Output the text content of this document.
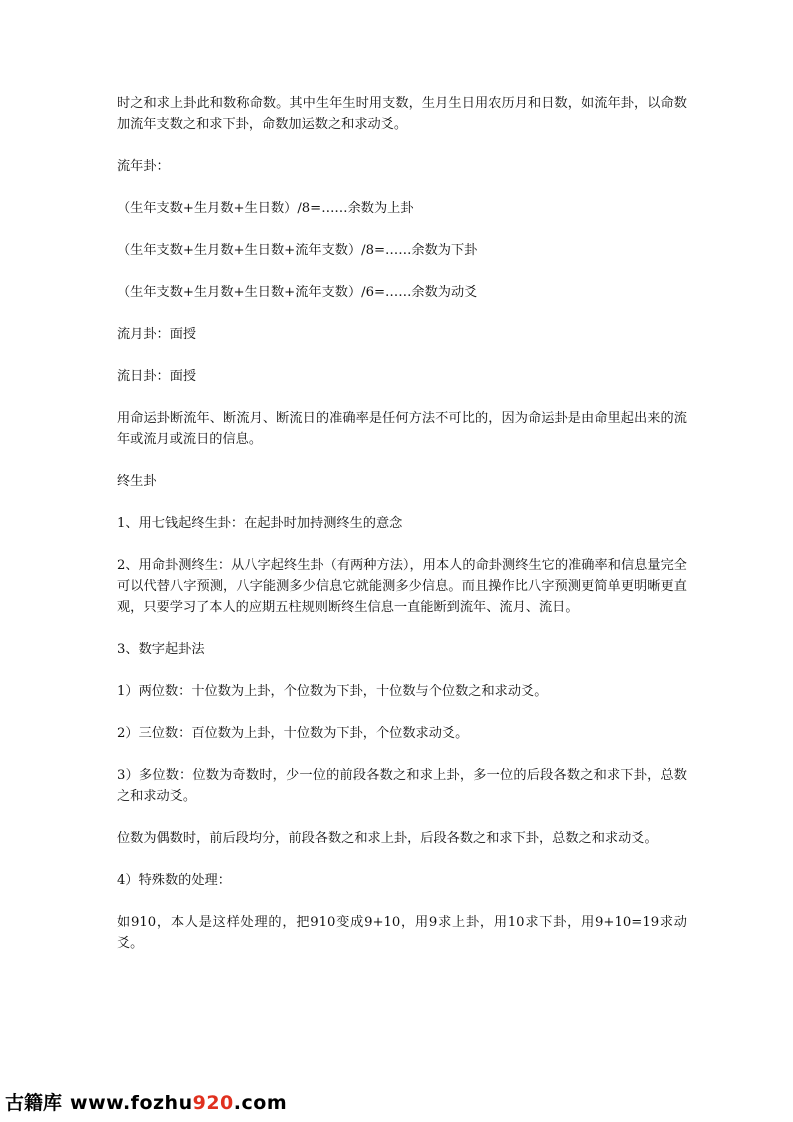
时之和求上卦此和数称命数。其中生年生时用支数，生月生日用农历月和日数，如流年卦，以命数加流年支数之和求下卦，命数加运数之和求动爻。

流年卦：

（生年支数+生月数+生日数）/8=……余数为上卦

（生年支数+生月数+生日数+流年支数）/8=……余数为下卦

（生年支数+生月数+生日数+流年支数）/6=……余数为动爻

流月卦：面授

流日卦：面授

用命运卦断流年、断流月、断流日的准确率是任何方法不可比的，因为命运卦是由命里起出来的流年或流月或流日的信息。

终生卦

1、用七钱起终生卦：在起卦时加持测终生的意念

2、用命卦测终生：从八字起终生卦（有两种方法），用本人的命卦测终生它的准确率和信息量完全可以代替八字预测，八字能测多少信息它就能测多少信息。而且操作比八字预测更简单更明晰更直观，只要学习了本人的应期五柱规则断终生信息一直能断到流年、流月、流日。

3、数字起卦法

1）两位数：十位数为上卦，个位数为下卦，十位数与个位数之和求动爻。

2）三位数：百位数为上卦，十位数为下卦，个位数求动爻。

3）多位数：位数为奇数时，少一位的前段各数之和求上卦，多一位的后段各数之和求下卦，总数之和求动爻。

位数为偶数时，前后段均分，前段各数之和求上卦，后段各数之和求下卦，总数之和求动爻。

4）特殊数的处理：

如910，本人是这样处理的，把910变成9+10，用9求上卦，用10求下卦，用9+10=19求动爻。

古籍库 www.fozhu920.com
